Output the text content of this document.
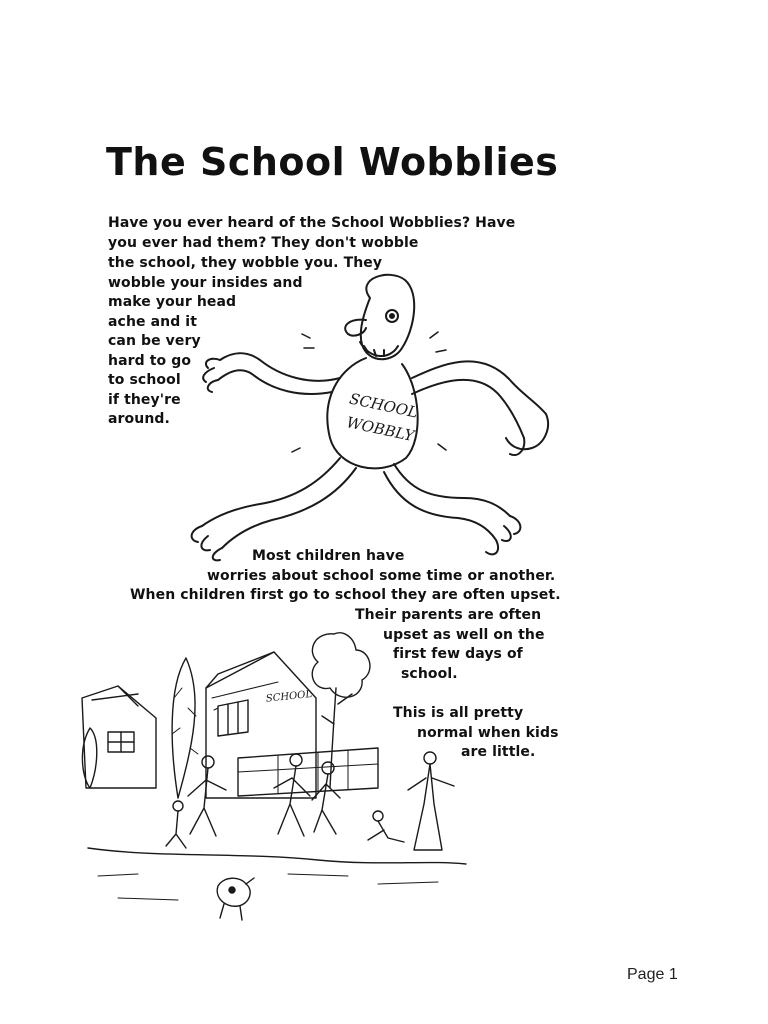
The School Wobblies
Have you ever heard of the School Wobblies? Have
you ever had them? They don't wobble
the school, they wobble you. They
wobble your insides and
make your head
ache and it
can be very
hard to go
to school
if they're
around.	SCHOOL
WOBBLY
Most children have
worries about school some time or another.
When children first go to school they are often upset.
Their parents are often
upset as well on the
first few days of
school.
This is all pretty
normal when kids
are little.
SCHOOL
Page 1
